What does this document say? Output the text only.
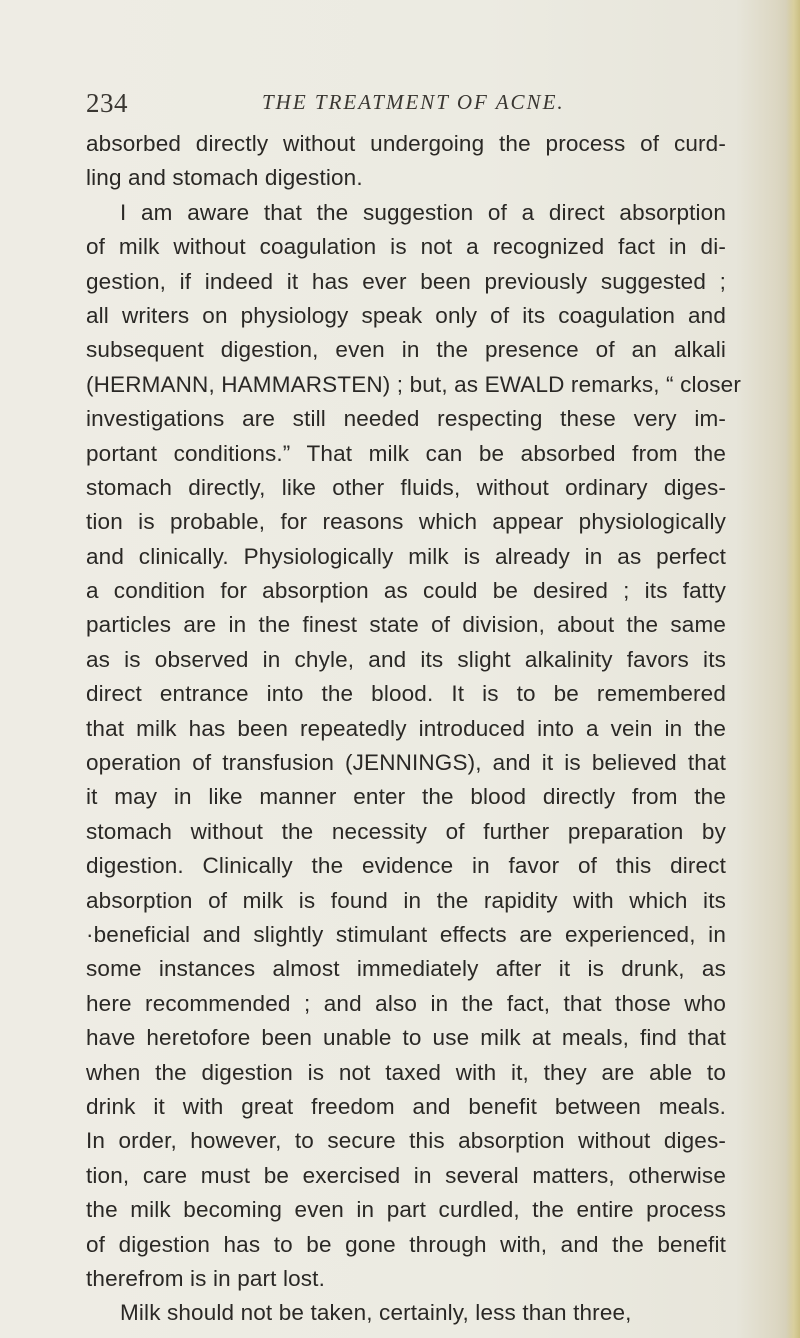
234	THE TREATMENT OF ACNE.
absorbed directly without undergoing the process of curd-
ling and stomach digestion.
I am aware that the suggestion of a direct absorption
of milk without coagulation is not a recognized fact in di-
gestion, if indeed it has ever been previously suggested ;
all writers on physiology speak only of its coagulation and
subsequent digestion, even in the presence of an alkali
(HERMANN, HAMMARSTEN) ; but, as EWALD remarks, “ closer
investigations are still needed respecting these very im-
portant conditions.” That milk can be absorbed from the
stomach directly, like other fluids, without ordinary diges-
tion is probable, for reasons which appear physiologically
and clinically. Physiologically milk is already in as perfect
a condition for absorption as could be desired ; its fatty
particles are in the finest state of division, about the same
as is observed in chyle, and its slight alkalinity favors its
direct entrance into the blood. It is to be remembered
that milk has been repeatedly introduced into a vein in the
operation of transfusion (JENNINGS), and it is believed that
it may in like manner enter the blood directly from the
stomach without the necessity of further preparation by
digestion. Clinically the evidence in favor of this direct
absorption of milk is found in the rapidity with which its
·beneficial and slightly stimulant effects are experienced, in
some instances almost immediately after it is drunk, as
here recommended ; and also in the fact, that those who
have heretofore been unable to use milk at meals, find that
when the digestion is not taxed with it, they are able to
drink it with great freedom and benefit between meals.
In order, however, to secure this absorption without diges-
tion, care must be exercised in several matters, otherwise
the milk becoming even in part curdled, the entire process
of digestion has to be gone through with, and the benefit
therefrom is in part lost.
Milk should not be taken, certainly, less than three,
